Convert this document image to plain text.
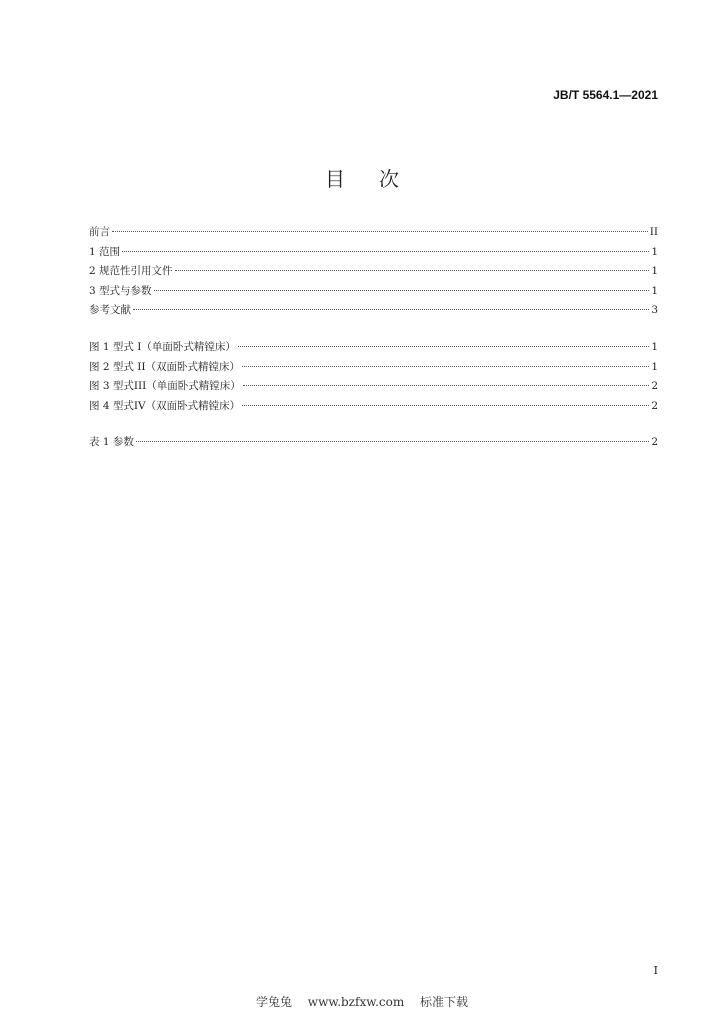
JB/T 5564.1—2021
目次
前言	II
1 范围	1
2 规范性引用文件	1
3 型式与参数	1
参考文献	3
图 1 型式 I（单面卧式精镗床）	1
图 2 型式 II（双面卧式精镗床）	1
图 3 型式III（单面卧式精镗床）	2
图 4 型式IV（双面卧式精镗床）	2
表 1 参数	2
I
学兔兔 www.bzfxw.com 标准下载
